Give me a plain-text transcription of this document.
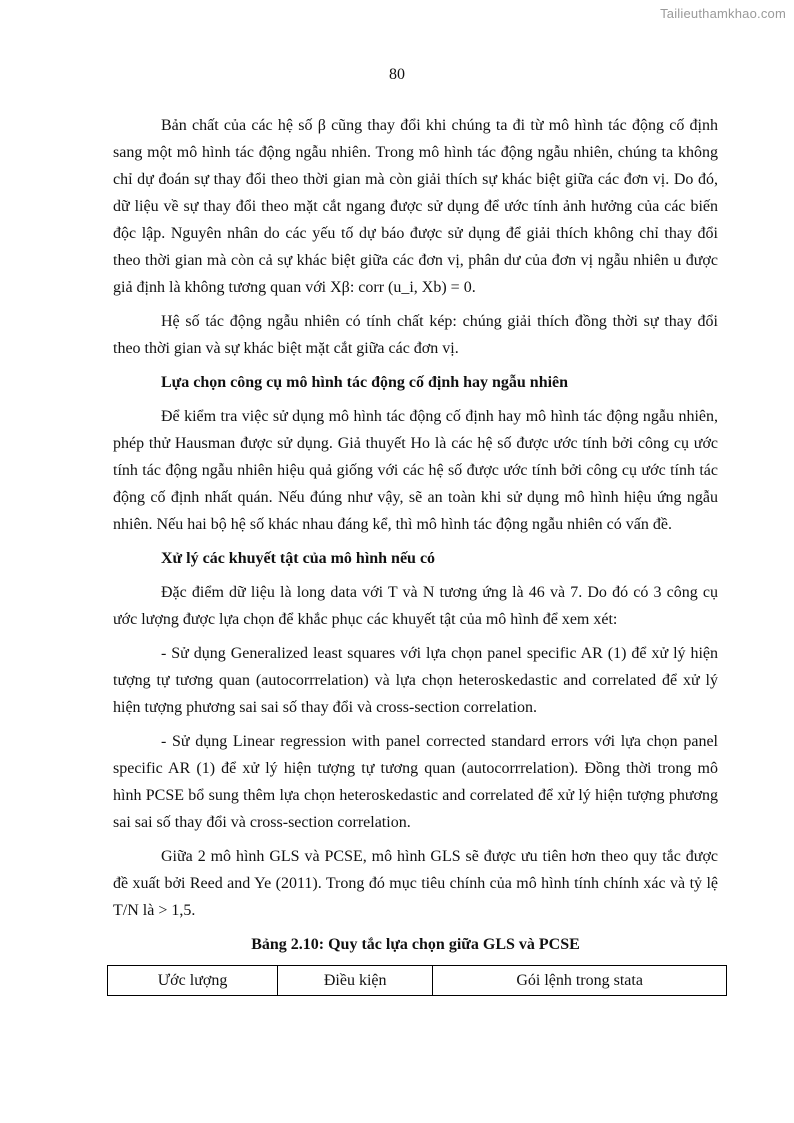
Tailieuthamkhao.com
80

Bản chất của các hệ số β cũng thay đổi khi chúng ta đi từ mô hình tác động cố định sang một mô hình tác động ngẫu nhiên. Trong mô hình tác động ngẫu nhiên, chúng ta không chỉ dự đoán sự thay đổi theo thời gian mà còn giải thích sự khác biệt giữa các đơn vị. Do đó, dữ liệu về sự thay đổi theo mặt cắt ngang được sử dụng để ước tính ảnh hưởng của các biến độc lập. Nguyên nhân do các yếu tố dự báo được sử dụng để giải thích không chỉ thay đổi theo thời gian mà còn cả sự khác biệt giữa các đơn vị, phân dư của đơn vị ngẫu nhiên u được giả định là không tương quan với Xβ: corr (u_i, Xb) = 0.

Hệ số tác động ngẫu nhiên có tính chất kép: chúng giải thích đồng thời sự thay đổi theo thời gian và sự khác biệt mặt cắt giữa các đơn vị.

Lựa chọn công cụ mô hình tác động cố định hay ngẫu nhiên

Để kiểm tra việc sử dụng mô hình tác động cố định hay mô hình tác động ngẫu nhiên, phép thử Hausman được sử dụng. Giả thuyết Ho là các hệ số được ước tính bởi công cụ ước tính tác động ngẫu nhiên hiệu quả giống với các hệ số được ước tính bởi công cụ ước tính tác động cố định nhất quán. Nếu đúng như vậy, sẽ an toàn khi sử dụng mô hình hiệu ứng ngẫu nhiên. Nếu hai bộ hệ số khác nhau đáng kể, thì mô hình tác động ngẫu nhiên có vấn đề.

Xử lý các khuyết tật của mô hình nếu có

Đặc điểm dữ liệu là long data với T và N tương ứng là 46 và 7. Do đó có 3 công cụ ước lượng được lựa chọn để khắc phục các khuyết tật của mô hình để xem xét:

- Sử dụng Generalized least squares với lựa chọn panel specific AR (1) để xử lý hiện tượng tự tương quan (autocorrrelation) và lựa chọn heteroskedastic and correlated để xử lý hiện tượng phương sai sai số thay đổi và cross-section correlation.

- Sử dụng Linear regression with panel corrected standard errors với lựa chọn panel specific AR (1) để xử lý hiện tượng tự tương quan (autocorrrelation). Đồng thời trong mô hình PCSE bổ sung thêm lựa chọn heteroskedastic and correlated để xử lý hiện tượng phương sai sai số thay đổi và cross-section correlation.

Giữa 2 mô hình GLS và PCSE, mô hình GLS sẽ được ưu tiên hơn theo quy tắc được đề xuất bởi Reed and Ye (2011). Trong đó mục tiêu chính của mô hình tính chính xác và tỷ lệ T/N là > 1,5.

Bảng 2.10: Quy tắc lựa chọn giữa GLS và PCSE

Ước lượng	Điều kiện	Gói lệnh trong stata
